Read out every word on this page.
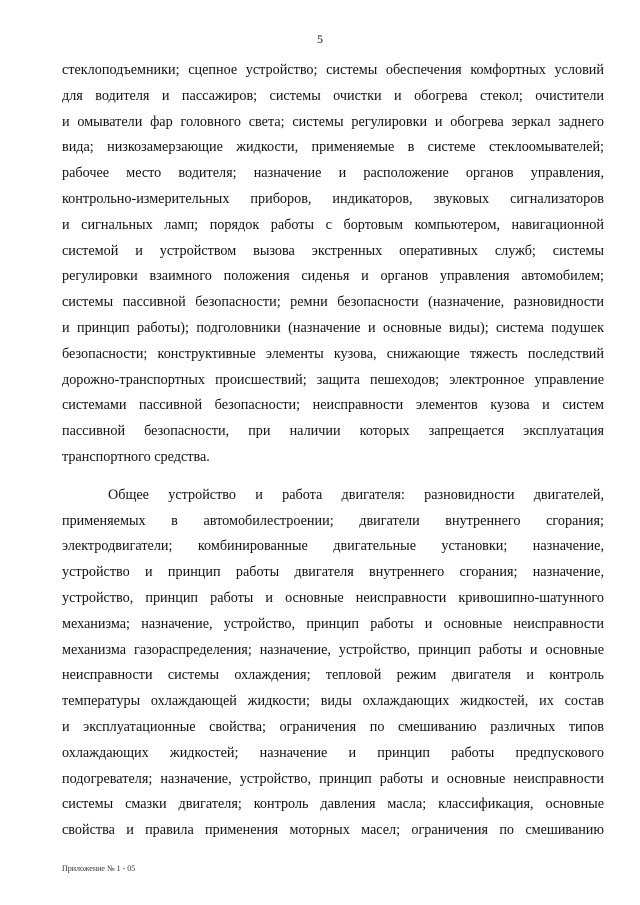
5
стеклоподъемники; сцепное устройство; системы обеспечения комфортных условий
для водителя и пассажиров; системы очистки и обогрева стекол; очистители
и омыватели фар головного света; системы регулировки и обогрева зеркал заднего
вида; низкозамерзающие жидкости, применяемые в системе стеклоомывателей;
рабочее место водителя; назначение и расположение органов управления,
контрольно-измерительных приборов, индикаторов, звуковых сигнализаторов
и сигнальных ламп; порядок работы с бортовым компьютером, навигационной
системой и устройством вызова экстренных оперативных служб; системы
регулировки взаимного положения сиденья и органов управления автомобилем;
системы пассивной безопасности; ремни безопасности (назначение, разновидности
и принцип работы); подголовники (назначение и основные виды); система подушек
безопасности; конструктивные элементы кузова, снижающие тяжесть последствий
дорожно-транспортных происшествий; защита пешеходов; электронное управление
системами пассивной безопасности; неисправности элементов кузова и систем
пассивной безопасности, при наличии которых запрещается эксплуатация
транспортного средства.
Общее устройство и работа двигателя: разновидности двигателей,
применяемых в автомобилестроении; двигатели внутреннего сгорания;
электродвигатели; комбинированные двигательные установки; назначение,
устройство и принцип работы двигателя внутреннего сгорания; назначение,
устройство, принцип работы и основные неисправности кривошипно-шатунного
механизма; назначение, устройство, принцип работы и основные неисправности
механизма газораспределения; назначение, устройство, принцип работы и основные
неисправности системы охлаждения; тепловой режим двигателя и контроль
температуры охлаждающей жидкости; виды охлаждающих жидкостей, их состав
и эксплуатационные свойства; ограничения по смешиванию различных типов
охлаждающих жидкостей; назначение и принцип работы предпускового
подогревателя; назначение, устройство, принцип работы и основные неисправности
системы смазки двигателя; контроль давления масла; классификация, основные
свойства и правила применения моторных масел; ограничения по смешиванию
Приложение № 1 - 05
